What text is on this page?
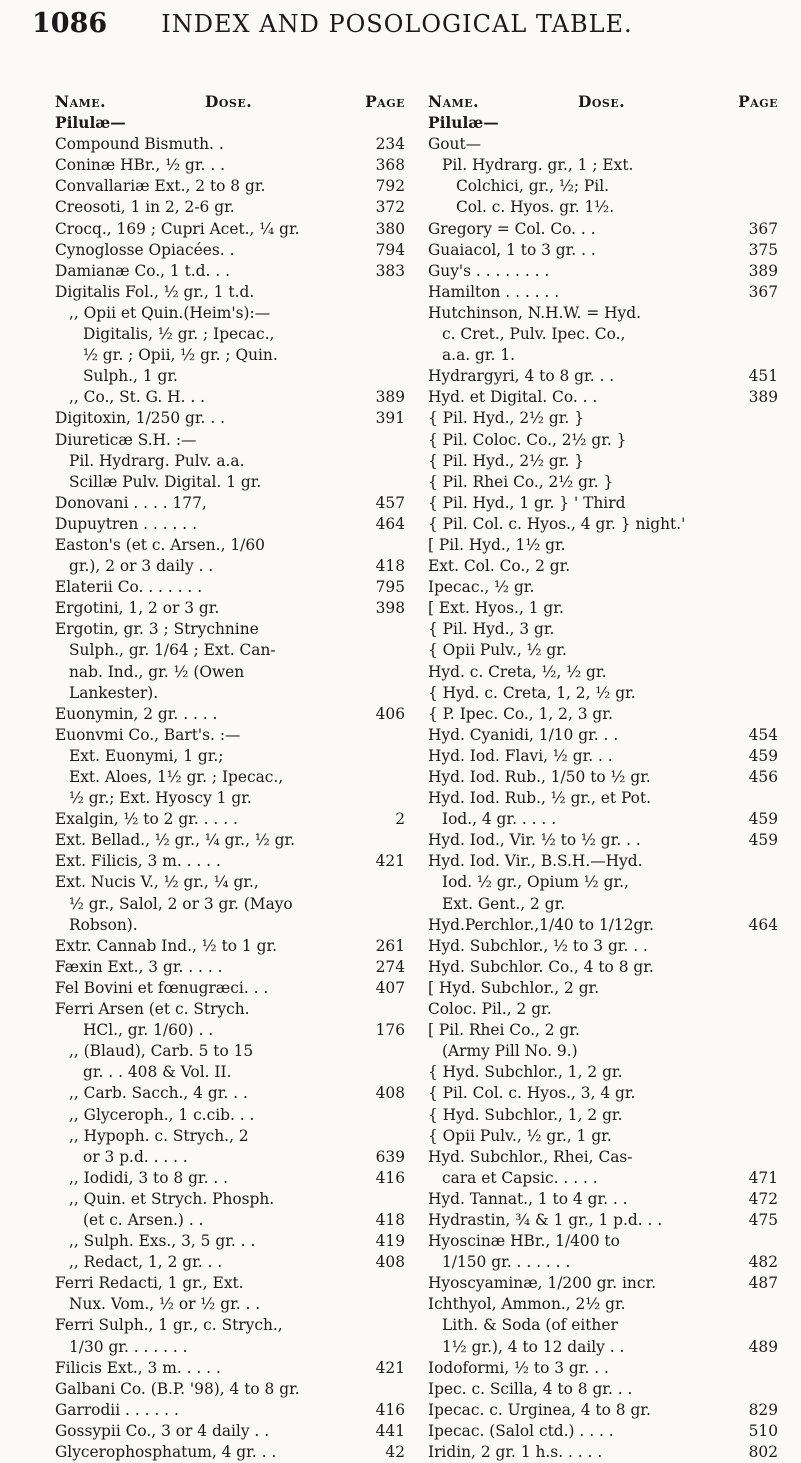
1086	INDEX AND POSOLOGICAL TABLE.
Name.	Dose.	Page
Pilulæ—
Compound Bismuth. .	234
Coninæ HBr., ½ gr. . .	368
Convallariæ Ext., 2 to 8 gr.	792
Creosoti, 1 in 2, 2-6 gr.	372
Crocq., 169 ; Cupri Acet., ¼ gr.	380
Cynoglosse Opiacées. .	794
Damianæ Co., 1 t.d. . .	383
Digitalis Fol., ½ gr., 1 t.d.
,, Opii et Quin.(Heim's):—
Digitalis, ½ gr. ; Ipecac.,
½ gr. ; Opii, ½ gr. ; Quin.
Sulph., 1 gr.
,, Co., St. G. H. . .	389
Digitoxin, 1/250 gr. . .	391
Diureticæ S.H. :—
Pil. Hydrarg. Pulv. a.a.
Scillæ Pulv. Digital. 1 gr.
Donovani . . . . 177,	457
Dupuytren . . . . . .	464
Easton's (et c. Arsen., 1/60
gr.), 2 or 3 daily . .	418
Elaterii Co. . . . . . .	795
Ergotini, 1, 2 or 3 gr.	398
Ergotin, gr. 3 ; Strychnine
Sulph., gr. 1/64 ; Ext. Can-
nab. Ind., gr. ½ (Owen
Lankester).
Euonymin, 2 gr. . . . .	406
Euonvmi Co., Bart's. :—
Ext. Euonymi, 1 gr.;
Ext. Aloes, 1½ gr. ; Ipecac.,
½ gr.; Ext. Hyoscy 1 gr.
Exalgin, ½ to 2 gr. . . . .	2
Ext. Bellad., ½ gr., ¼ gr., ½ gr.
Ext. Filicis, 3 m. . . . .	421
Ext. Nucis V., ½ gr., ¼ gr.,
½ gr., Salol, 2 or 3 gr. (Mayo
Robson).
Extr. Cannab Ind., ½ to 1 gr.	261
Fæxin Ext., 3 gr. . . . .	274
Fel Bovini et fœnugræci. . .	407
Ferri Arsen (et c. Strych.
HCl., gr. 1/60) . .	176
,, (Blaud), Carb. 5 to 15
gr. . . 408 & Vol. II.
,, Carb. Sacch., 4 gr. . .	408
,, Glyceroph., 1 c.cib. . .
,, Hypoph. c. Strych., 2
or 3 p.d. . . . .	639
,, Iodidi, 3 to 8 gr. . .	416
,, Quin. et Strych. Phosph.
(et c. Arsen.) . .	418
,, Sulph. Exs., 3, 5 gr. . .	419
,, Redact, 1, 2 gr. . .	408
Ferri Redacti, 1 gr., Ext.
Nux. Vom., ½ or ½ gr. . .
Ferri Sulph., 1 gr., c. Strych.,
1/30 gr. . . . . . .
Filicis Ext., 3 m. . . . .	421
Galbani Co. (B.P. '98), 4 to 8 gr.
Garrodii . . . . . .	416
Gossypii Co., 3 or 4 daily . .	441
Glycerophosphatum, 4 gr. . .	42
Name.	Dose.	Page
Pilulæ—
Gout—
Pil. Hydrarg. gr., 1 ; Ext.
Colchici, gr., ½; Pil.
Col. c. Hyos. gr. 1½.
Gregory = Col. Co. . .	367
Guaiacol, 1 to 3 gr. . .	375
Guy's . . . . . . . .	389
Hamilton . . . . . .	367
Hutchinson, N.H.W. = Hyd.
c. Cret., Pulv. Ipec. Co.,
a.a. gr. 1.
Hydrargyri, 4 to 8 gr. . .	451
Hyd. et Digital. Co. . .	389
{ Pil. Hyd., 2½ gr. }
{ Pil. Coloc. Co., 2½ gr. }
{ Pil. Hyd., 2½ gr. }
{ Pil. Rhei Co., 2½ gr. }
{ Pil. Hyd., 1 gr. } ' Third
{ Pil. Col. c. Hyos., 4 gr. } night.'
[ Pil. Hyd., 1½ gr.
Ext. Col. Co., 2 gr.
Ipecac., ½ gr.
[ Ext. Hyos., 1 gr.
{ Pil. Hyd., 3 gr.
{ Opii Pulv., ½ gr.
Hyd. c. Creta, ½, ½ gr.
{ Hyd. c. Creta, 1, 2, ½ gr.
{ P. Ipec. Co., 1, 2, 3 gr.
Hyd. Cyanidi, 1/10 gr. . .	454
Hyd. Iod. Flavi, ½ gr. . .	459
Hyd. Iod. Rub., 1/50 to ½ gr.	456
Hyd. Iod. Rub., ½ gr., et Pot.
Iod., 4 gr. . . . .	459
Hyd. Iod., Vir. ½ to ½ gr. . .	459
Hyd. Iod. Vir., B.S.H.—Hyd.
Iod. ½ gr., Opium ½ gr.,
Ext. Gent., 2 gr.
Hyd.Perchlor.,1/40 to 1/12gr.	464
Hyd. Subchlor., ½ to 3 gr. . .
Hyd. Subchlor. Co., 4 to 8 gr.
[ Hyd. Subchlor., 2 gr.
Coloc. Pil., 2 gr.
[ Pil. Rhei Co., 2 gr.
(Army Pill No. 9.)
{ Hyd. Subchlor., 1, 2 gr.
{ Pil. Col. c. Hyos., 3, 4 gr.
{ Hyd. Subchlor., 1, 2 gr.
{ Opii Pulv., ½ gr., 1 gr.
Hyd. Subchlor., Rhei, Cas-
cara et Capsic. . . . .	471
Hyd. Tannat., 1 to 4 gr. . .	472
Hydrastin, ¾ & 1 gr., 1 p.d. . .	475
Hyoscinæ HBr., 1/400 to
1/150 gr. . . . . . .	482
Hyoscyaminæ, 1/200 gr. incr.	487
Ichthyol, Ammon., 2½ gr.
Lith. & Soda (of either
1½ gr.), 4 to 12 daily . .	489
Iodoformi, ½ to 3 gr. . .
Ipec. c. Scilla, 4 to 8 gr. . .
Ipecac. c. Urginea, 4 to 8 gr.	829
Ipecac. (Salol ctd.) . . . .	510
Iridin, 2 gr. 1 h.s. . . . .	802
